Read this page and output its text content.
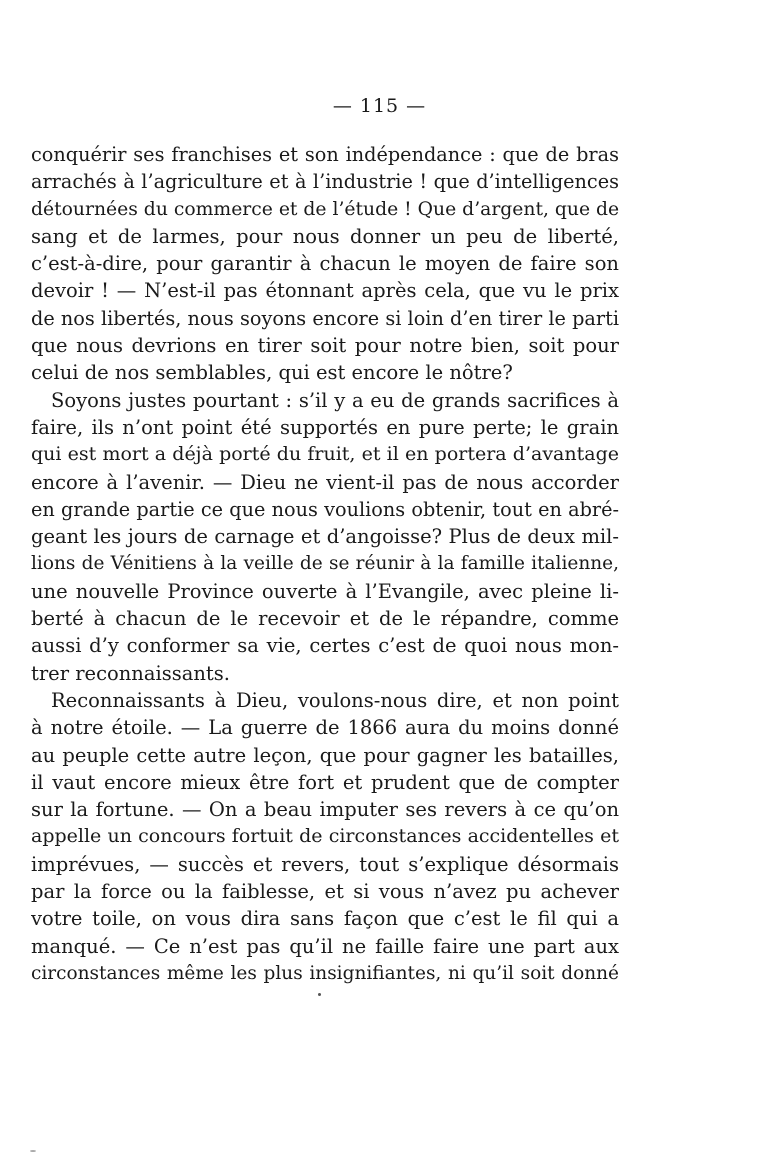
— 115 —
conquérir ses franchises et son indépendance : que de bras
arrachés à l’agriculture et à l’industrie ! que d’intelligences
détournées du commerce et de l’étude ! Que d’argent, que de
sang et de larmes, pour nous donner un peu de liberté,
c’est-à-dire, pour garantir à chacun le moyen de faire son
devoir ! — N’est-il pas étonnant après cela, que vu le prix
de nos libertés, nous soyons encore si loin d’en tirer le parti
que nous devrions en tirer soit pour notre bien, soit pour
celui de nos semblables, qui est encore le nôtre?
Soyons justes pourtant : s’il y a eu de grands sacrifices à
faire, ils n’ont point été supportés en pure perte; le grain
qui est mort a déjà porté du fruit, et il en portera d’avantage
encore à l’avenir. — Dieu ne vient-il pas de nous accorder
en grande partie ce que nous voulions obtenir, tout en abré-
geant les jours de carnage et d’angoisse? Plus de deux mil-
lions de Vénitiens à la veille de se réunir à la famille italienne,
une nouvelle Province ouverte à l’Evangile, avec pleine li-
berté à chacun de le recevoir et de le répandre, comme
aussi d’y conformer sa vie, certes c’est de quoi nous mon-
trer reconnaissants.
Reconnaissants à Dieu, voulons-nous dire, et non point
à notre étoile. — La guerre de 1866 aura du moins donné
au peuple cette autre leçon, que pour gagner les batailles,
il vaut encore mieux être fort et prudent que de compter
sur la fortune. — On a beau imputer ses revers à ce qu’on
appelle un concours fortuit de circonstances accidentelles et
imprévues, — succès et revers, tout s’explique désormais
par la force ou la faiblesse, et si vous n’avez pu achever
votre toile, on vous dira sans façon que c’est le fil qui a
manqué. — Ce n’est pas qu’il ne faille faire une part aux
circonstances même les plus insignifiantes, ni qu’il soit donné
